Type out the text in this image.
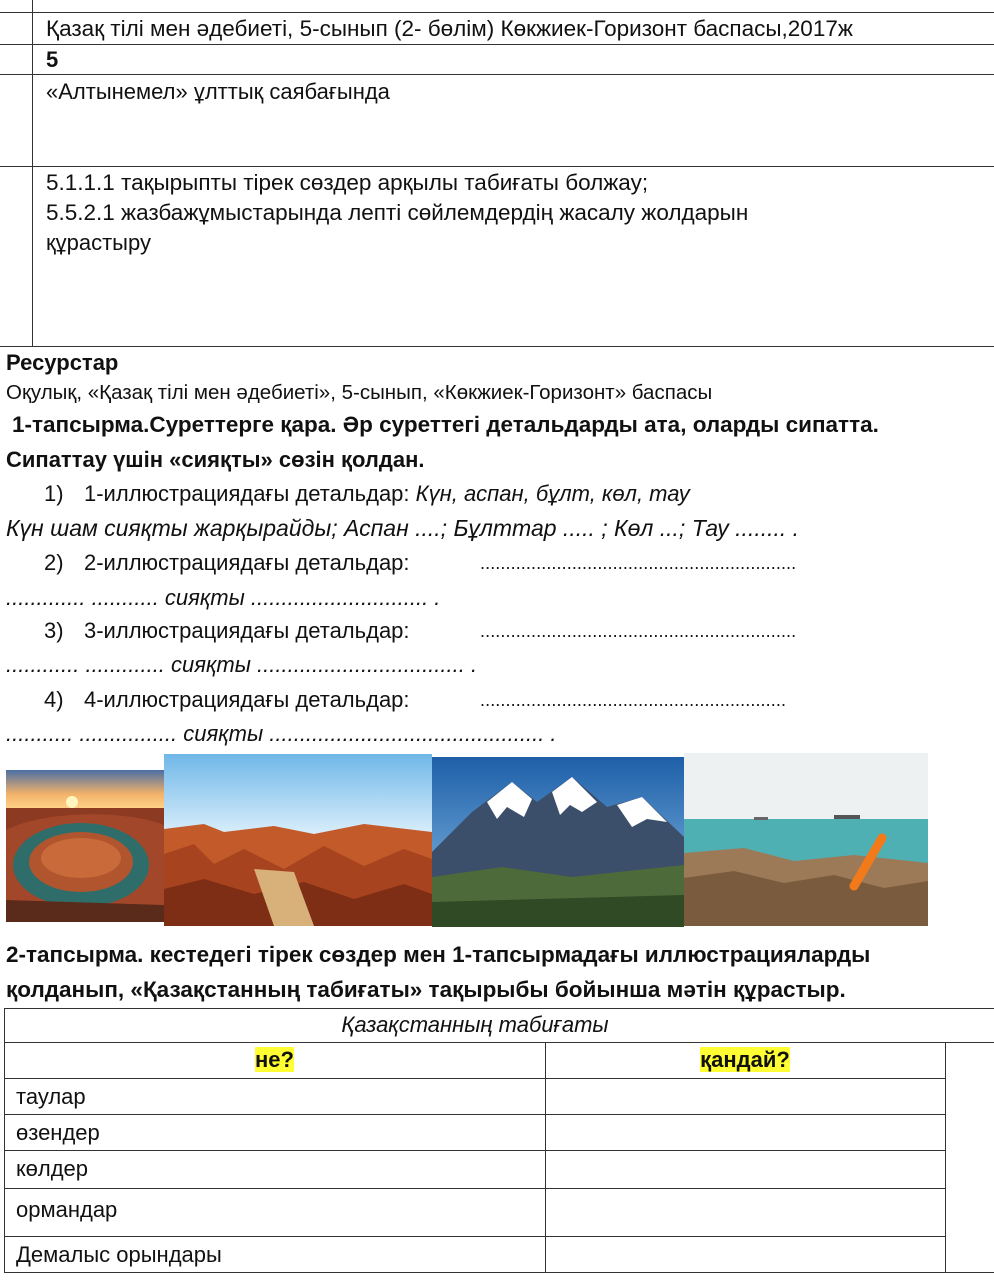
Қазақ тілі мен әдебиеті, 5-сынып (2- бөлім) Көкжиек-Горизонт баспасы,2017ж
5
«Алтынемел» ұлттық саябағында
5.1.1.1 тақырыпты тірек сөздер арқылы табиғаты болжау;
5.5.2.1 жазбажұмыстарында лепті сөйлемдердің жасалу жолдарын
құрастыру
Ресурстар
Оқулық, «Қазақ тілі мен әдебиеті», 5-сынып, «Көкжиек-Горизонт» баспасы
1-тапсырма.Суреттерге қара. Әр суреттегі детальдарды ата, оларды сипатта.
Сипаттау үшін «сияқты» сөзін қолдан.
1) 1-иллюстрациядағы детальдар: Күн, аспан, бұлт, көл, тау
Күн шам сияқты жарқырайды; Аспан ....; Бұлттар ..... ; Көл ...; Тау ........ .
2) 2-иллюстрациядағы детальдар:	..............................................................
............. ........... сияқты ............................. .
3) 3-иллюстрациядағы детальдар:	..............................................................
............ ............. сияқты .................................. .
4) 4-иллюстрациядағы детальдар:	............................................................
........... ................ сияқты ............................................. .
2-тапсырма. кестедегі тірек сөздер мен 1-тапсырмадағы иллюстрацияларды
қолданып, «Қазақстанның табиғаты» тақырыбы бойынша мәтін құрастыр.
Қазақстанның табиғаты
не?	қандай?
таулар
өзендер
көлдер
ормандар
Демалыс орындары
